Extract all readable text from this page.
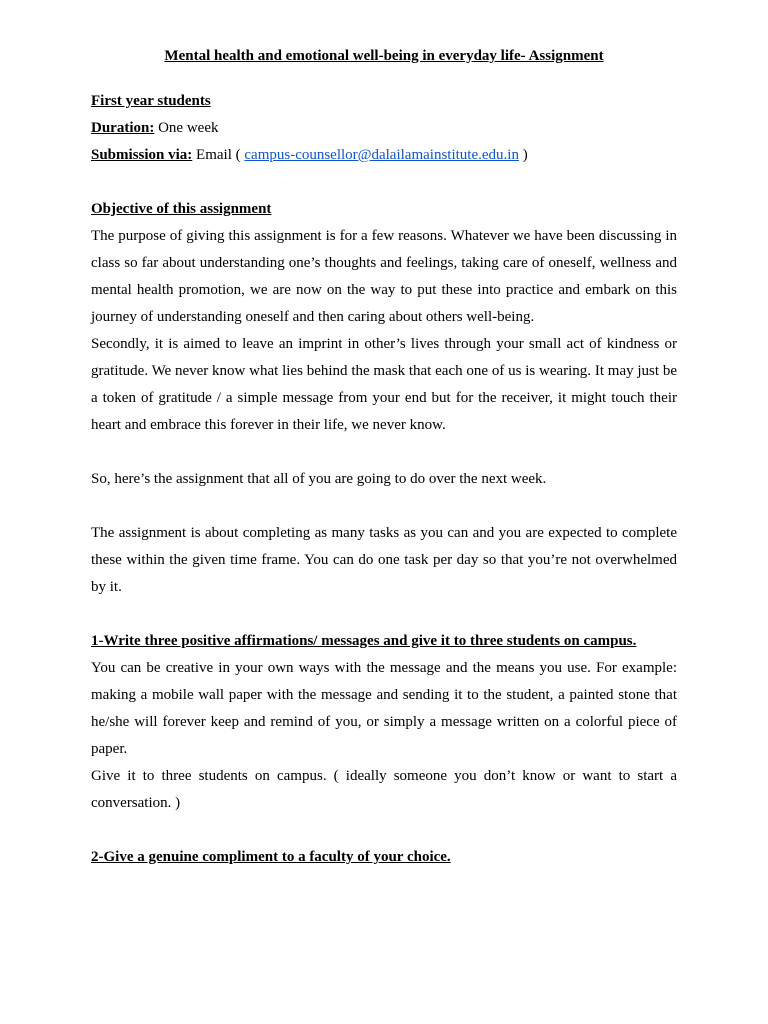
Mental health and emotional well-being in everyday life- Assignment

First year students

Duration: One week

Submission via: Email ( campus-counsellor@dalailamainstitute.edu.in )

Objective of this assignment

The purpose of giving this assignment is for a few reasons. Whatever we have been discussing in class so far about understanding one’s thoughts and feelings, taking care of oneself, wellness and mental health promotion, we are now on the way to put these into practice and embark on this journey of understanding oneself and then caring about others well-being.

Secondly, it is aimed to leave an imprint in other’s lives through your small act of kindness or gratitude. We never know what lies behind the mask that each one of us is wearing. It may just be a token of gratitude / a simple message from your end but for the receiver, it might touch their heart and embrace this forever in their life, we never know.

So, here’s the assignment that all of you are going to do over the next week.

The assignment is about completing as many tasks as you can and you are expected to complete these within the given time frame. You can do one task per day so that you’re not overwhelmed by it.

1-Write three positive affirmations/ messages and give it to three students on campus.

You can be creative in your own ways with the message and the means you use. For example: making a mobile wall paper with the message and sending it to the student, a painted stone that he/she will forever keep and remind of you, or simply a message written on a colorful piece of paper.

Give it to three students on campus. ( ideally someone you don’t know or want to start a conversation. )

2-Give a genuine compliment to a faculty of your choice.
